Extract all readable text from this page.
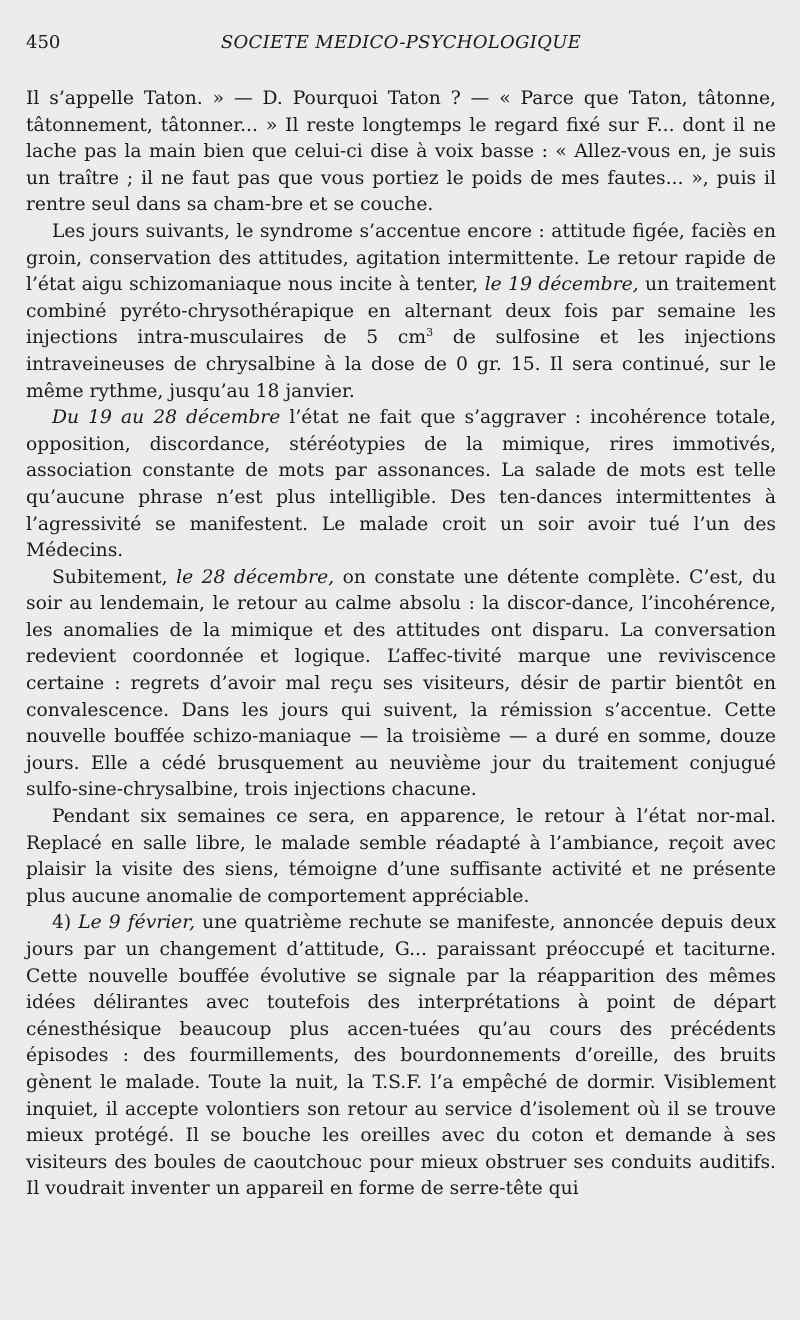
450	SOCIETE MEDICO-PSYCHOLOGIQUE

Il s’appelle Taton. » — D. Pourquoi Taton ? — « Parce que Taton, tâtonne, tâtonnement, tâtonner... » Il reste longtemps le regard fixé sur F... dont il ne lache pas la main bien que celui-ci dise à voix basse : « Allez-vous en, je suis un traître ; il ne faut pas que vous portiez le poids de mes fautes... », puis il rentre seul dans sa cham-bre et se couche.

Les jours suivants, le syndrome s’accentue encore : attitude figée, faciès en groin, conservation des attitudes, agitation intermittente. Le retour rapide de l’état aigu schizomaniaque nous incite à tenter, le 19 décembre, un traitement combiné pyréto-chrysothérapique en alternant deux fois par semaine les injections intra-musculaires de 5 $cm^3$ de sulfosine et les injections intraveineuses de chrysalbine à la dose de 0 gr. 15. Il sera continué, sur le même rythme, jusqu’au 18 janvier.

Du 19 au 28 décembre l’état ne fait que s’aggraver : incohérence totale, opposition, discordance, stéréotypies de la mimique, rires immotivés, association constante de mots par assonances. La salade de mots est telle qu’aucune phrase n’est plus intelligible. Des ten-dances intermittentes à l’agressivité se manifestent. Le malade croit un soir avoir tué l’un des Médecins.

Subitement, le 28 décembre, on constate une détente complète. C’est, du soir au lendemain, le retour au calme absolu : la discor-dance, l’incohérence, les anomalies de la mimique et des attitudes ont disparu. La conversation redevient coordonnée et logique. L’affec-tivité marque une reviviscence certaine : regrets d’avoir mal reçu ses visiteurs, désir de partir bientôt en convalescence. Dans les jours qui suivent, la rémission s’accentue. Cette nouvelle bouffée schizo-maniaque — la troisième — a duré en somme, douze jours. Elle a cédé brusquement au neuvième jour du traitement conjugué sulfo-sine-chrysalbine, trois injections chacune.

Pendant six semaines ce sera, en apparence, le retour à l’état nor-mal. Replacé en salle libre, le malade semble réadapté à l’ambiance, reçoit avec plaisir la visite des siens, témoigne d’une suffisante activité et ne présente plus aucune anomalie de comportement appréciable.

4) Le 9 février, une quatrième rechute se manifeste, annoncée depuis deux jours par un changement d’attitude, G... paraissant préoccupé et taciturne. Cette nouvelle bouffée évolutive se signale par la réapparition des mêmes idées délirantes avec toutefois des interprétations à point de départ cénesthésique beaucoup plus accen-tuées qu’au cours des précédents épisodes : des fourmillements, des bourdonnements d’oreille, des bruits gènent le malade. Toute la nuit, la T.S.F. l’a empêché de dormir. Visiblement inquiet, il accepte volontiers son retour au service d’isolement où il se trouve mieux protégé. Il se bouche les oreilles avec du coton et demande à ses visiteurs des boules de caoutchouc pour mieux obstruer ses conduits auditifs. Il voudrait inventer un appareil en forme de serre-tête qui
